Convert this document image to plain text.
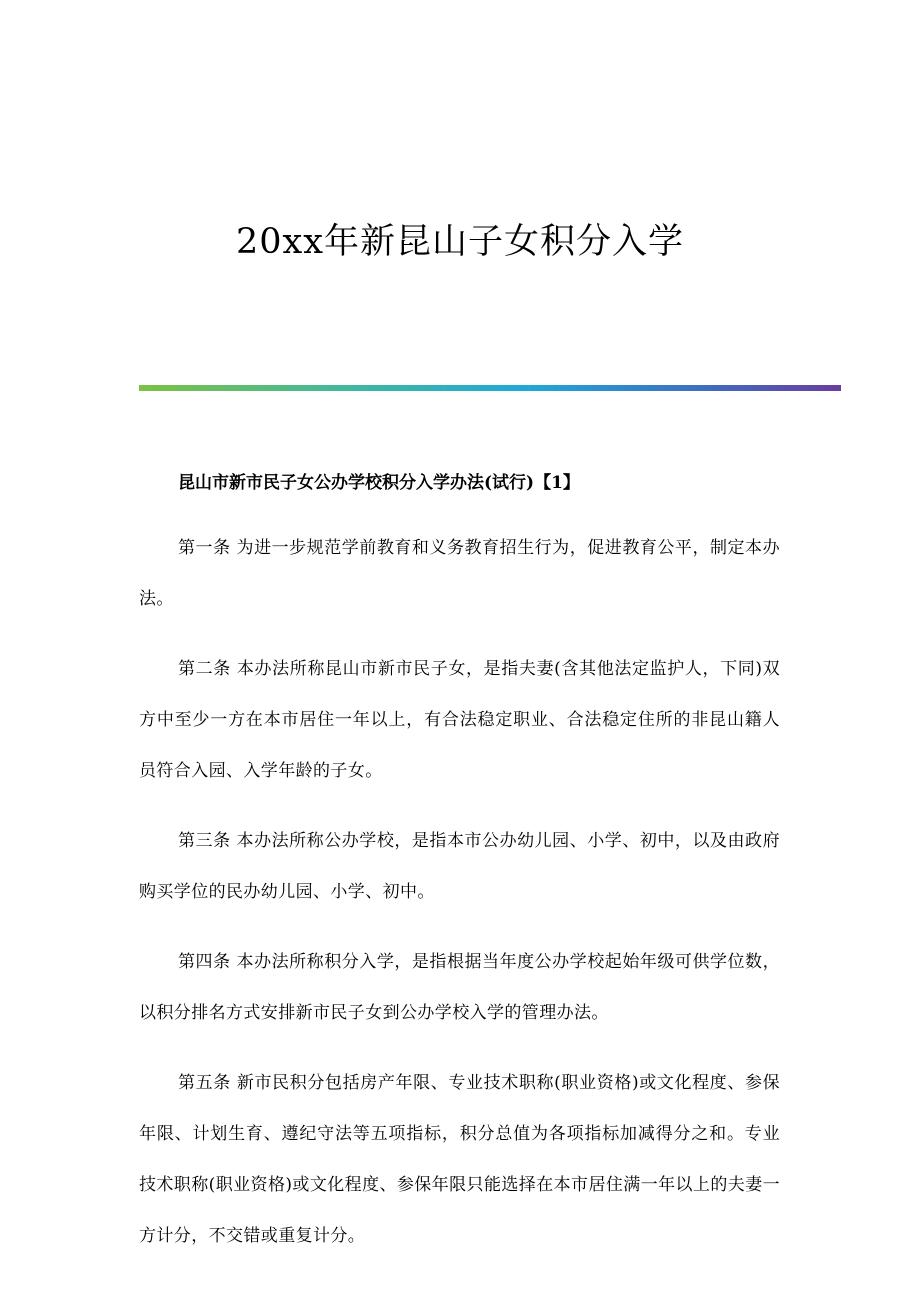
20xx年新昆山子女积分入学

昆山市新市民子女公办学校积分入学办法(试行)【1】

第一条 为进一步规范学前教育和义务教育招生行为，促进教育公平，制定本办法。

第二条 本办法所称昆山市新市民子女，是指夫妻(含其他法定监护人，下同)双方中至少一方在本市居住一年以上，有合法稳定职业、合法稳定住所的非昆山籍人员符合入园、入学年龄的子女。

第三条 本办法所称公办学校，是指本市公办幼儿园、小学、初中，以及由政府购买学位的民办幼儿园、小学、初中。

第四条 本办法所称积分入学，是指根据当年度公办学校起始年级可供学位数，以积分排名方式安排新市民子女到公办学校入学的管理办法。

第五条 新市民积分包括房产年限、专业技术职称(职业资格)或文化程度、参保年限、计划生育、遵纪守法等五项指标，积分总值为各项指标加减得分之和。专业技术职称(职业资格)或文化程度、参保年限只能选择在本市居住满一年以上的夫妻一方计分，不交错或重复计分。
